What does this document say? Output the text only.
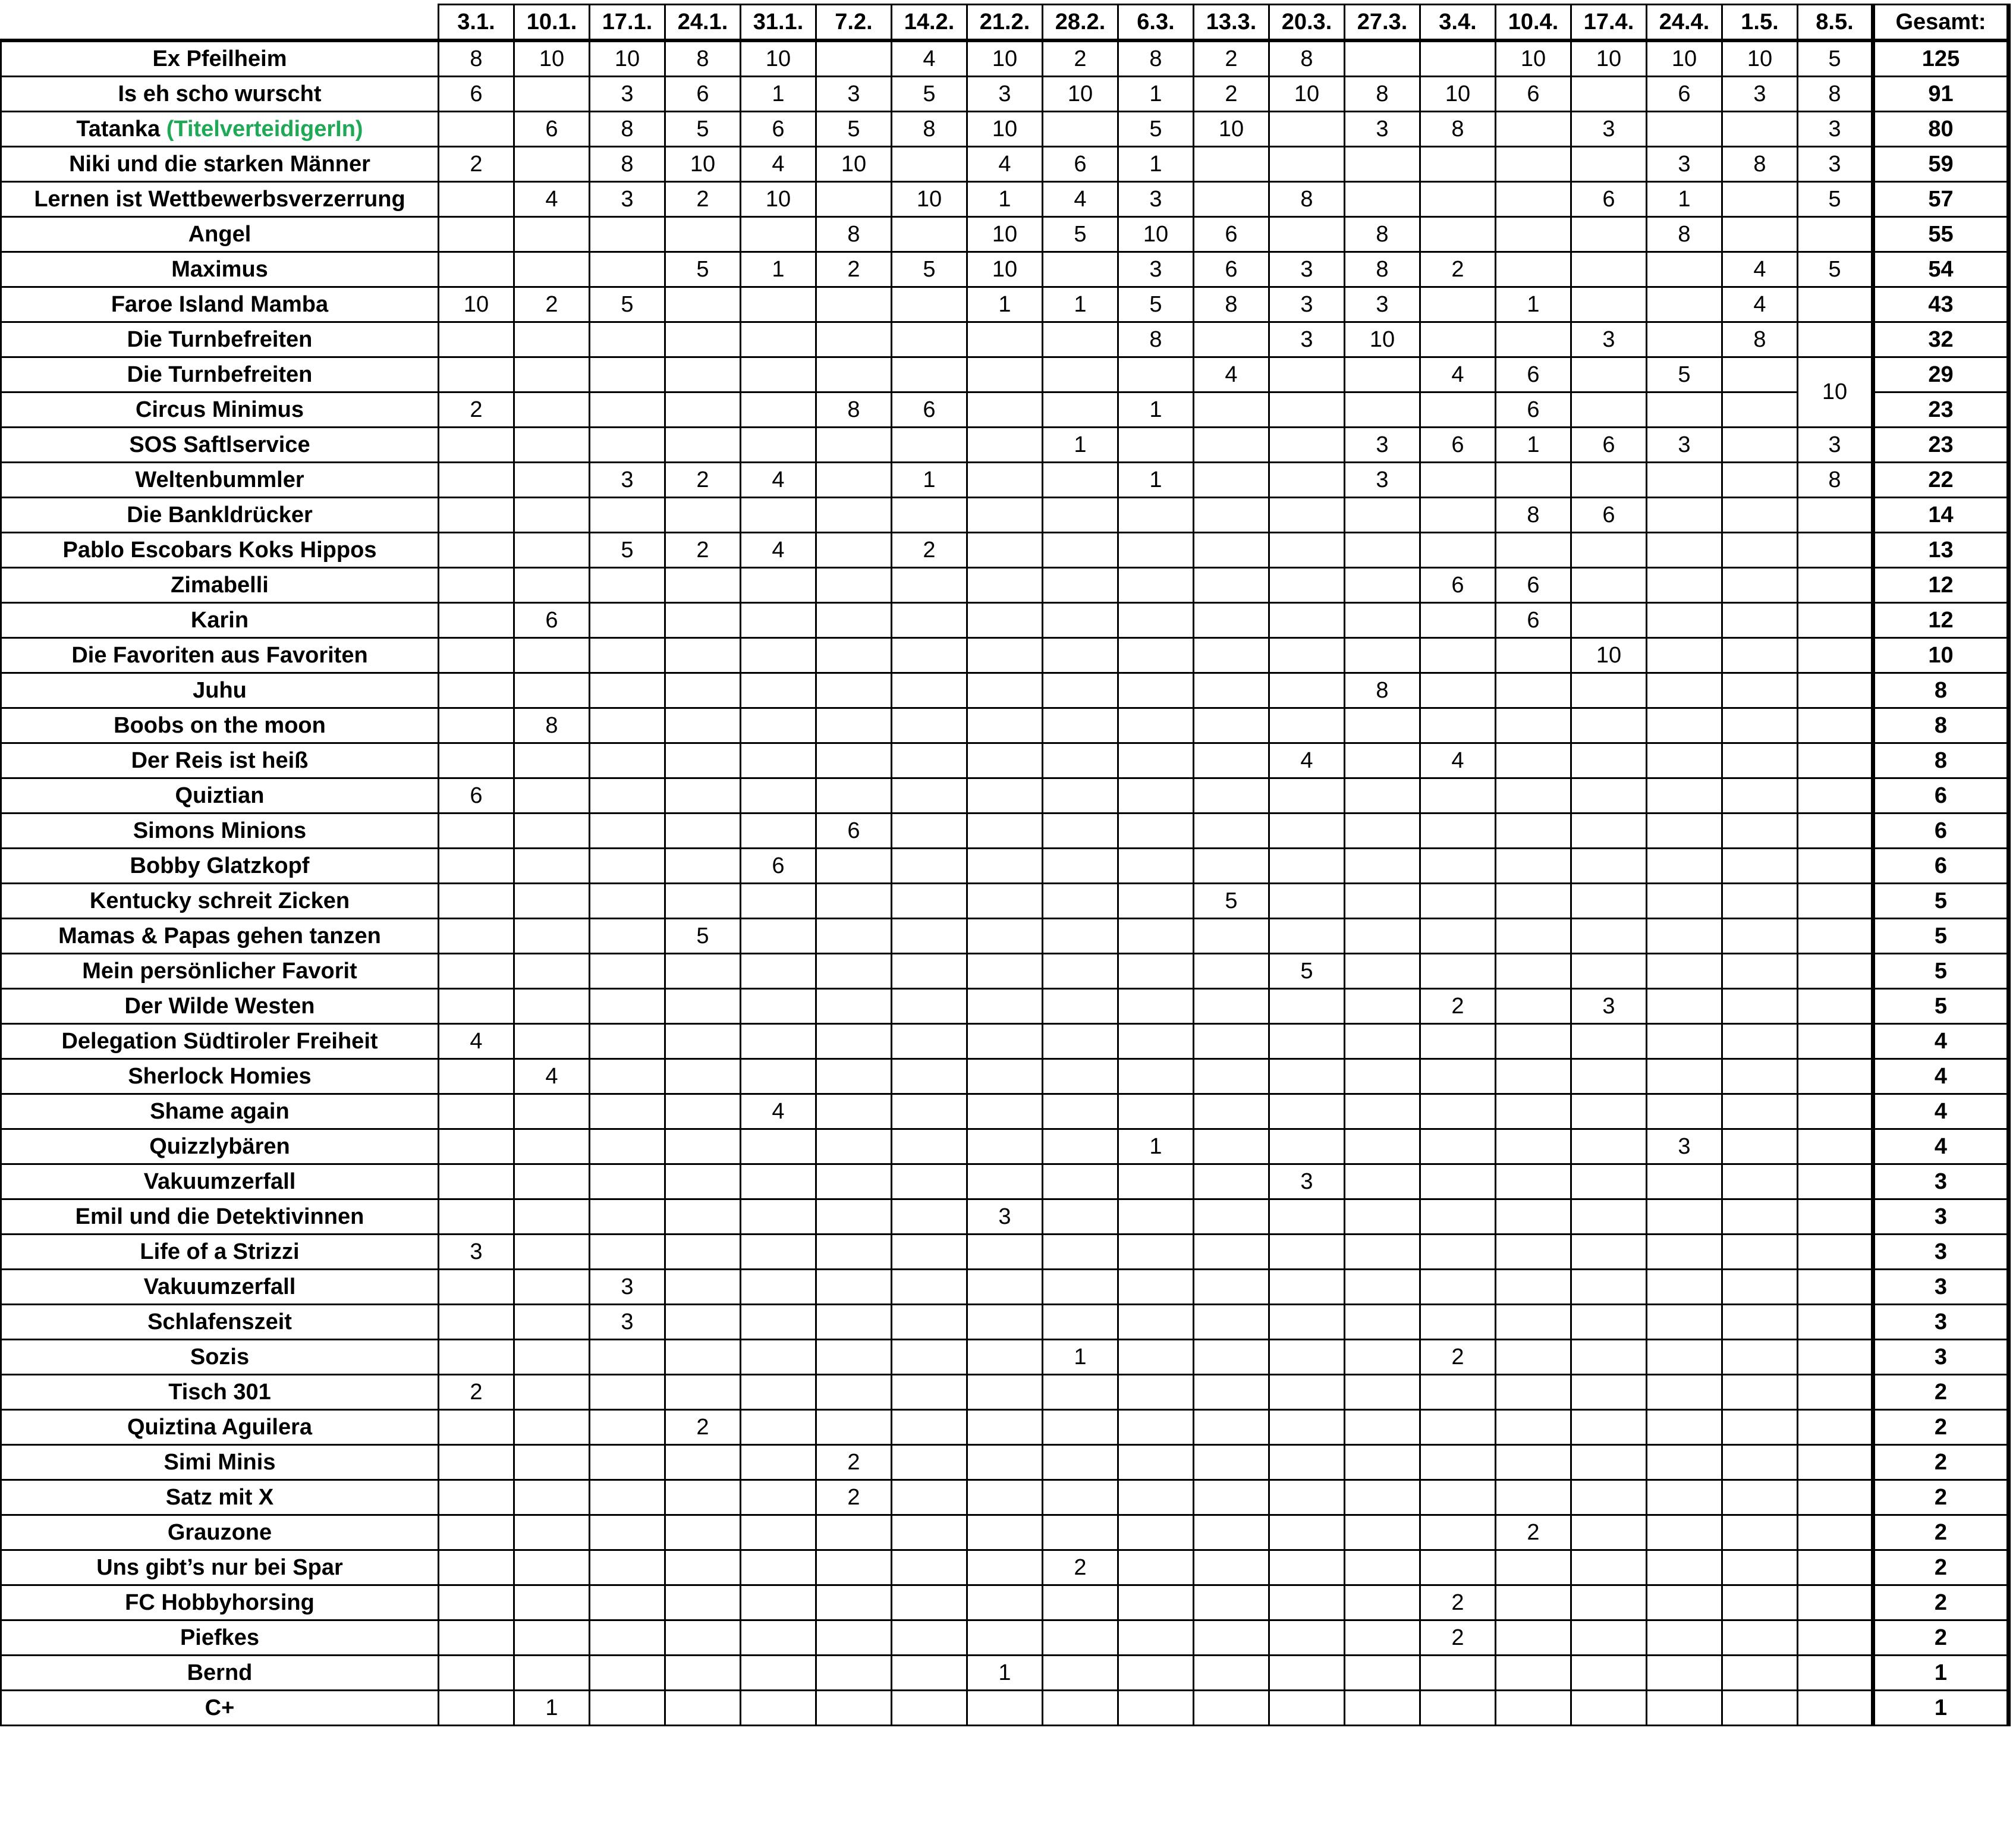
	3.1.	10.1.	17.1.	24.1.	31.1.	7.2.	14.2.	21.2.	28.2.	6.3.	13.3.	20.3.	27.3.	3.4.	10.4.	17.4.	24.4.	1.5.	8.5.	Gesamt:
Ex Pfeilheim	8	10	10	8	10		4	10	2	8	2	8			10	10	10	10	5	125
Is eh scho wurscht	6		3	6	1	3	5	3	10	1	2	10	8	10	6		6	3	8	91
Tatanka (TitelverteidigerIn)		6	8	5	6	5	8	10		5	10		3	8		3			3	80
Niki und die starken Männer	2		8	10	4	10		4	6	1							3	8	3	59
Lernen ist Wettbewerbsverzerrung		4	3	2	10		10	1	4	3		8				6	1		5	57
Angel						8		10	5	10	6		8				8			55
Maximus				5	1	2	5	10		3	6	3	8	2				4	5	54
Faroe Island Mamba	10	2	5					1	1	5	8	3	3		1			4		43
Die Turnbefreiten										8		3	10			3		8		32
Die Turnbefreiten											4			4	6		5		10	29
Circus Minimus	2					8	6			1					6					23
SOS Saftlservice									1				3	6	1	6	3		3	23
Weltenbummler			3	2	4		1			1			3						8	22
Die Bankldrücker															8	6				14
Pablo Escobars Koks Hippos			5	2	4		2													13
Zimabelli														6	6					12
Karin		6													6					12
Die Favoriten aus Favoriten																10				10
Juhu													8							8
Boobs on the moon		8																		8
Der Reis ist heiß												4		4						8
Quiztian	6																			6
Simons Minions						6														6
Bobby Glatzkopf					6															6
Kentucky schreit Zicken											5									5
Mamas & Papas gehen tanzen				5																5
Mein persönlicher Favorit												5								5
Der Wilde Westen														2		3				5
Delegation Südtiroler Freiheit	4																			4
Sherlock Homies		4																		4
Shame again					4															4
Quizzlybären										1							3			4
Vakuumzerfall												3								3
Emil und die Detektivinnen								3												3
Life of a Strizzi	3																			3
Vakuumzerfall			3																	3
Schlafenszeit			3																	3
Sozis									1					2						3
Tisch 301	2																			2
Quiztina Aguilera				2																2
Simi Minis						2														2
Satz mit X						2														2
Grauzone															2					2
Uns gibt’s nur bei Spar									2											2
FC Hobbyhorsing														2						2
Piefkes														2						2
Bernd								1												1
C+		1																		1
